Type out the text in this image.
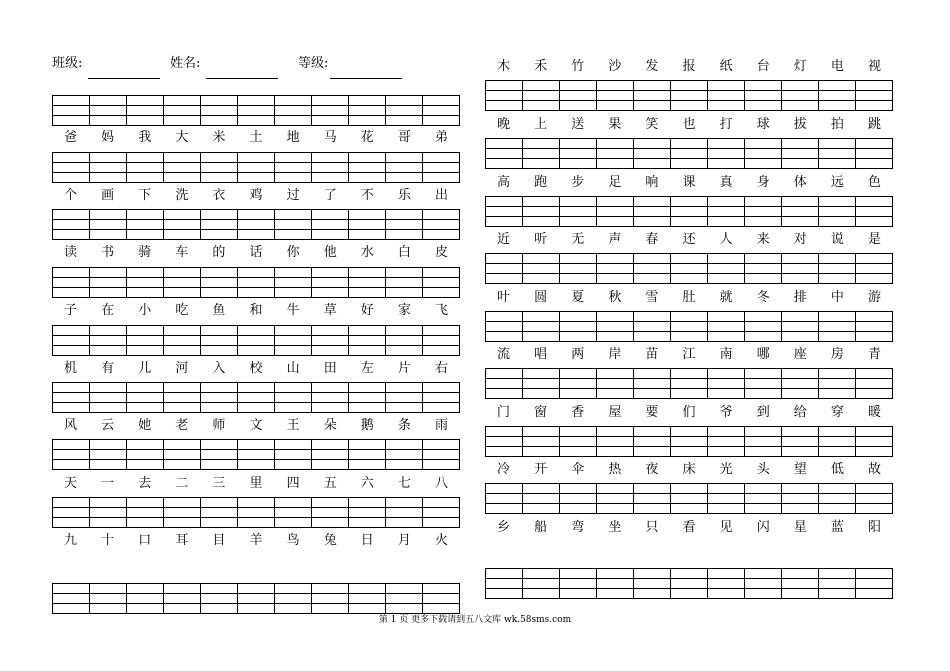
班级:	姓名:	等级:
爸	妈	我	大	米	土	地	马	花	哥	弟
个	画	下	洗	衣	鸡	过	了	不	乐	出
读	书	骑	车	的	话	你	他	水	白	皮
子	在	小	吃	鱼	和	牛	草	好	家	飞
机	有	儿	河	入	校	山	田	左	片	右
风	云	她	老	师	文	王	朵	鹅	条	雨
天	一	去	二	三	里	四	五	六	七	八
九	十	口	耳	目	羊	鸟	兔	日	月	火
木	禾	竹	沙	发	报	纸	台	灯	电	视
晚	上	送	果	笑	也	打	球	拔	拍	跳
高	跑	步	足	响	课	真	身	体	远	色
近	听	无	声	春	还	人	来	对	说	是
叶	圆	夏	秋	雪	肚	就	冬	排	中	游
流	唱	两	岸	苗	江	南	哪	座	房	青
门	窗	香	屋	要	们	爷	到	给	穿	暖
冷	开	伞	热	夜	床	光	头	望	低	故
乡	船	弯	坐	只	看	见	闪	星	蓝	阳
第 1 页 更多下载请到五八文库 wk.58sms.com
